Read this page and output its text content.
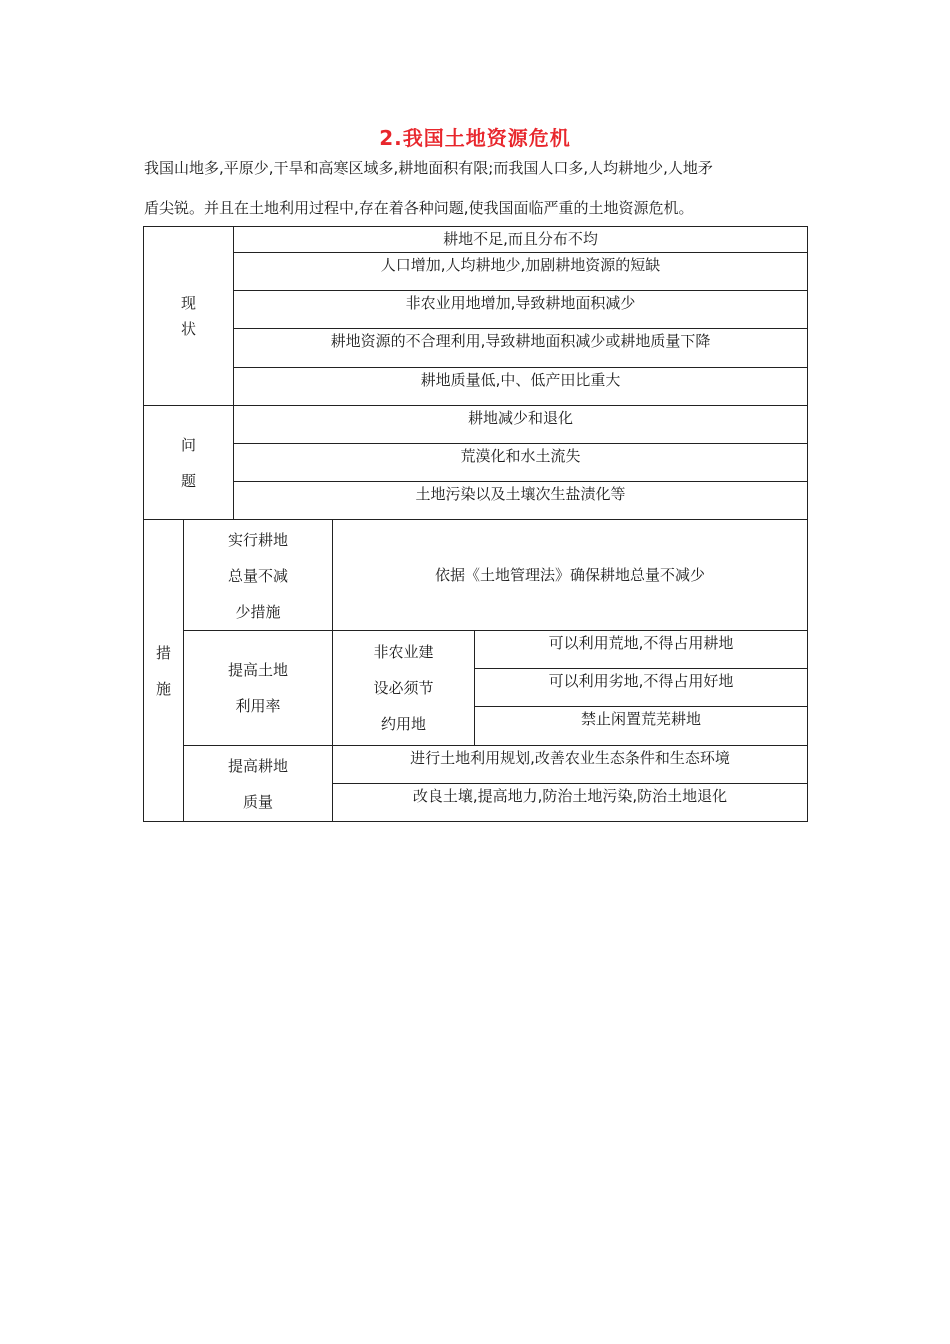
2.我国土地资源危机

我国山地多,平原少,干旱和高寒区域多,耕地面积有限;而我国人口多,人均耕地少,人地矛

盾尖锐。并且在土地利用过程中,存在着各种问题,使我国面临严重的土地资源危机。

现状		耕地不足,而且分布不均		
		人口增加,人均耕地少,加剧耕地资源的短缺		
		非农业用地增加,导致耕地面积减少		
		耕地资源的不合理利用,导致耕地面积减少或耕地质量下降		
		耕地质量低,中、低产田比重大		
问题		耕地减少和退化		
		荒漠化和水土流失		
		土地污染以及土壤次生盐渍化等		
措施	实行耕地总量不减少措施		依据《土地管理法》确保耕地总量不减少	
	提高土地利用率		非农业建设必须节约用地	可以利用荒地,不得占用耕地
				可以利用劣地,不得占用好地
				禁止闲置荒芜耕地
	提高耕地质量		进行土地利用规划,改善农业生态条件和生态环境	
			改良土壤,提高地力,防治土地污染,防治土地退化	
